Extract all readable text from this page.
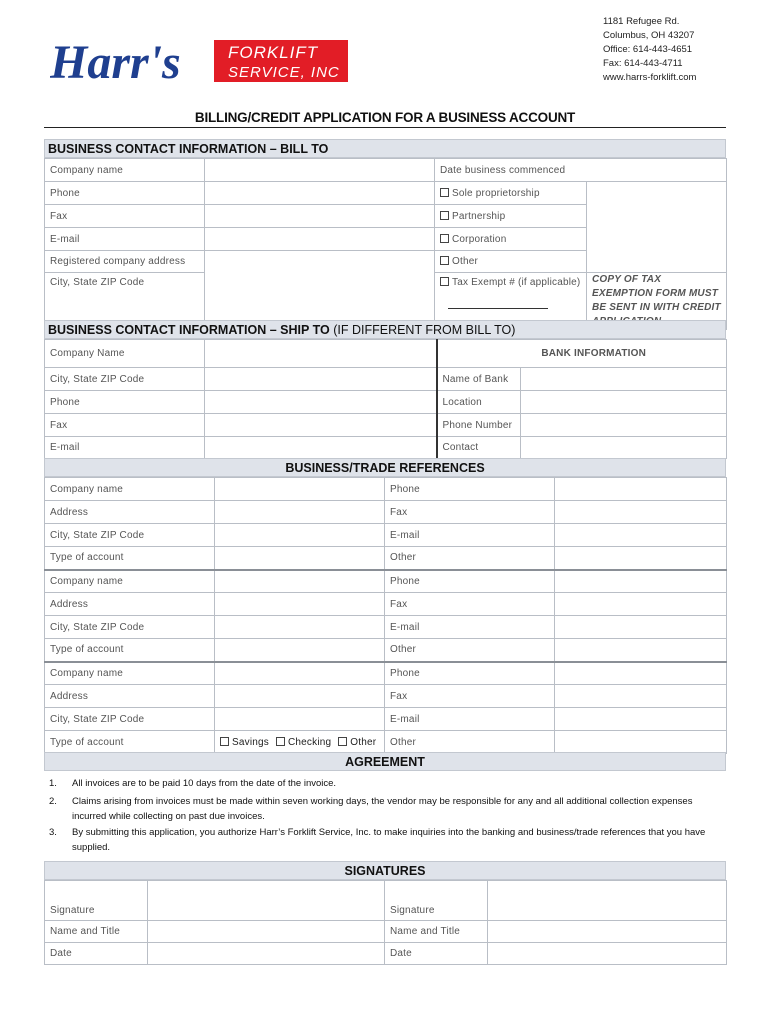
Harr's	FORKLIFT
SERVICE, INC
1181 Refugee Rd.
Columbus, OH 43207
Office: 614-443-4651
Fax: 614-443-4711
www.harrs-forklift.com
BILLING/CREDIT APPLICATION FOR A BUSINESS ACCOUNT
BUSINESS CONTACT INFORMATION – BILL TO
Company name		Date business commenced	
Phone		Sole proprietorship	
Fax		Partnership	
E-mail		Corporation	
Registered company address		Other	
City, State ZIP Code		Tax Exempt # (if applicable)	COPY OF TAX EXEMPTION FORM MUST BE SENT IN WITH CREDIT
BUSINESS CONTACT INFORMATION – SHIP TO (IF DIFFERENT FROM BILL TO)
Company Name		BANK INFORMATION	
City, State ZIP Code		Name of Bank	
Phone		Location	
Fax		Phone Number	
E-mail		Contact	
BUSINESS/TRADE REFERENCES
Company name		Phone	
Address		Fax	
City, State ZIP Code		E-mail	
Type of account		Other	
Company name		Phone	
Address		Fax	
City, State ZIP Code		E-mail	
Type of account		Other	
Company name		Phone	
Address		Fax	
City, State ZIP Code		E-mail	
Type of account	Savings Checking Other	Other	
AGREEMENT
1. All invoices are to be paid 10 days from the date of the invoice.
2. Claims arising from invoices must be made within seven working days, the vendor may be responsible for any and all additional collection expenses incurred while collecting on past due invoices.
3. By submitting this application, you authorize Harr’s Forklift Service, Inc. to make inquiries into the banking and business/trade references that you have supplied.
SIGNATURES
Signature		Signature	
Name and Title		Name and Title	
Date		Date	
